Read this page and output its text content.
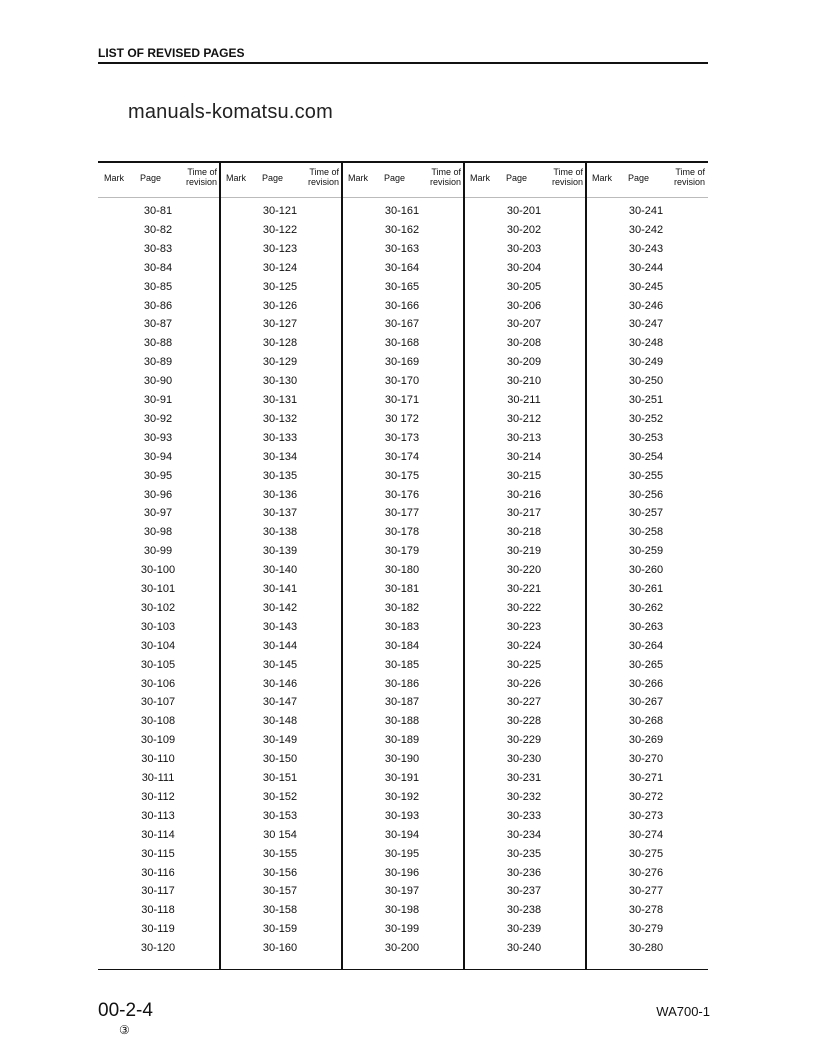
LIST OF REVISED PAGES
Mark Page
Time of revision
30-81
30-82
30-83
30-84
30-85
30-86
30-87
30-88
30-89
30-90
30-91
30-92
30-93
30-94
30-95
30-96
30-97
30-98
30-99
30-100
30-101
30-102
30-103
30-104
30-105
30-106
30-107
30-108
30-109
30-110
30-111
30-112
30-113
30-114
30-115
30-116
30-117
30-118
30-119
30-120
Mark Page
Time of revision
30-121
30-122
30-123
30-124
30-125
30-126
30-127
30-128
30-129
30-130
30-131
30-132
30-133
30-134
30-135
30-136
30-137
30-138
30-139
30-140
30-141
30-142
30-143
30-144
30-145
30-146
30-147
30-148
30-149
30-150
30-151
30-152
30-153
30 154
30-155
30-156
30-157
30-158
30-159
30-160
Mark Page
Time of revision
30-161
30-162
30-163
30-164
30-165
30-166
30-167
30-168
30-169
30-170
30-171
30 172
30-173
30-174
30-175
30-176
30-177
30-178
30-179
30-180
30-181
30-182
30-183
30-184
30-185
30-186
30-187
30-188
30-189
30-190
30-191
30-192
30-193
30-194
30-195
30-196
30-197
30-198
30-199
30-200
Mark Page
Time of revision
30-201
30-202
30-203
30-204
30-205
30-206
30-207
30-208
30-209
30-210
30-211
30-212
30-213
30-214
30-215
30-216
30-217
30-218
30-219
30-220
30-221
30-222
30-223
30-224
30-225
30-226
30-227
30-228
30-229
30-230
30-231
30-232
30-233
30-234
30-235
30-236
30-237
30-238
30-239
30-240
Mark Page
Time of revision
30-241
30-242
30-243
30-244
30-245
30-246
30-247
30-248
30-249
30-250
30-251
30-252
30-253
30-254
30-255
30-256
30-257
30-258
30-259
30-260
30-261
30-262
30-263
30-264
30-265
30-266
30-267
30-268
30-269
30-270
30-271
30-272
30-273
30-274
30-275
30-276
30-277
30-278
30-279
30-280
manuals-komatsu.com
00-2-4
③
WA700-1
